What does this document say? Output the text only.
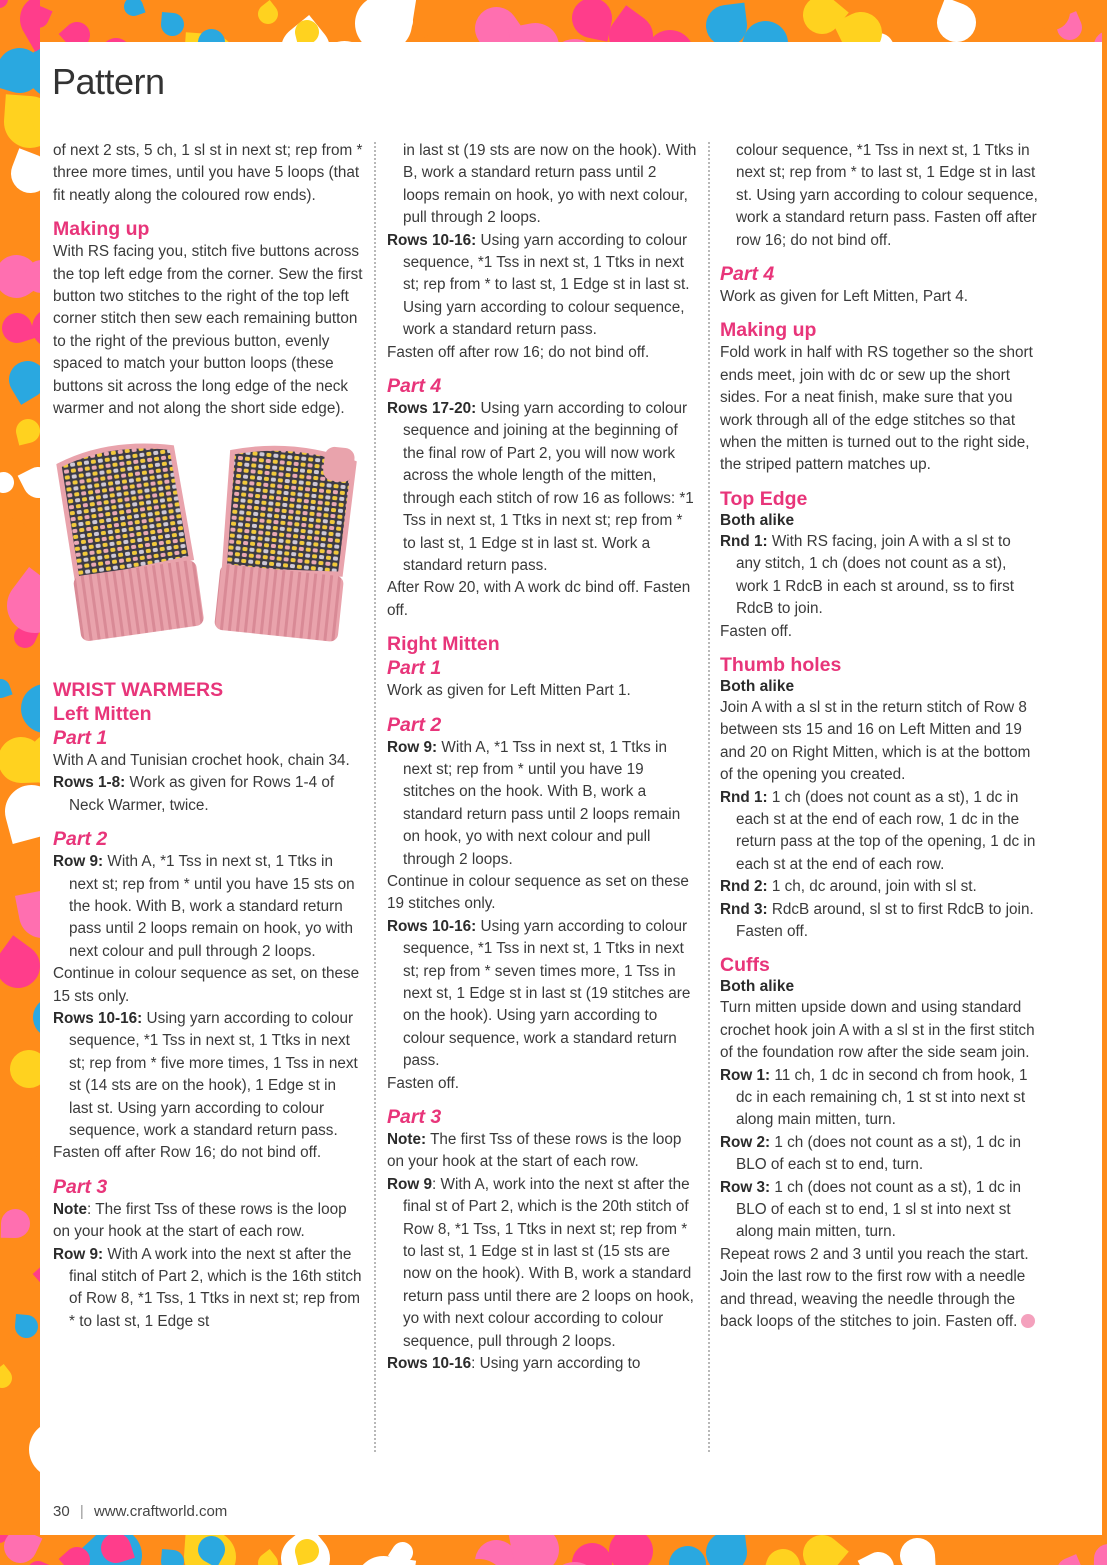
Pattern

of next 2 sts, 5 ch, 1 sl st in next st; rep from * three more times, until you have 5 loops (that fit neatly along the coloured row ends).

Making up

With RS facing you, stitch five buttons across the top left edge from the corner. Sew the first button two stitches to the right of the top left corner stitch then sew each remaining button to the right of the previous button, evenly spaced to match your button loops (these buttons sit across the long edge of the neck warmer and not along the short side edge).

WRIST WARMERS

Left Mitten

Part 1

With A and Tunisian crochet hook, chain 34.

Rows 1-8: Work as given for Rows 1-4 of Neck Warmer, twice.

Part 2

Row 9: With A, *1 Tss in next st, 1 Ttks in next st; rep from * until you have 15 sts on the hook. With B, work a standard return pass until 2 loops remain on hook, yo with next colour and pull through 2 loops.

Continue in colour sequence as set, on these 15 sts only.

Rows 10-16: Using yarn according to colour sequence, *1 Tss in next st, 1 Ttks in next st; rep from * five more times, 1 Tss in next st (14 sts are on the hook), 1 Edge st in last st. Using yarn according to colour sequence, work a standard return pass.

Fasten off after Row 16; do not bind off.

Part 3

Note: The first Tss of these rows is the loop on your hook at the start of each row.

Row 9: With A work into the next st after the final stitch of Part 2, which is the 16th stitch of Row 8, *1 Tss, 1 Ttks in next st; rep from * to last st, 1 Edge st

in last st (19 sts are now on the hook). With B, work a standard return pass until 2 loops remain on hook, yo with next colour, pull through 2 loops.

Rows 10-16: Using yarn according to colour sequence, *1 Tss in next st, 1 Ttks in next st; rep from * to last st, 1 Edge st in last st. Using yarn according to colour sequence, work a standard return pass.

Fasten off after row 16; do not bind off.

Part 4

Rows 17-20: Using yarn according to colour sequence and joining at the beginning of the final row of Part 2, you will now work across the whole length of the mitten, through each stitch of row 16 as follows: *1 Tss in next st, 1 Ttks in next st; rep from * to last st, 1 Edge st in last st. Work a standard return pass.

After Row 20, with A work dc bind off. Fasten off.

Right Mitten

Part 1

Work as given for Left Mitten Part 1.

Part 2

Row 9: With A, *1 Tss in next st, 1 Ttks in next st; rep from * until you have 19 stitches on the hook. With B, work a standard return pass until 2 loops remain on hook, yo with next colour and pull through 2 loops.

Continue in colour sequence as set on these 19 stitches only.

Rows 10-16: Using yarn according to colour sequence, *1 Tss in next st, 1 Ttks in next st; rep from * seven times more, 1 Tss in next st, 1 Edge st in last st (19 stitches are on the hook). Using yarn according to colour sequence, work a standard return pass.

Fasten off.

Part 3

Note: The first Tss of these rows is the loop on your hook at the start of each row.

Row 9: With A, work into the next st after the final st of Part 2, which is the 20th stitch of Row 8, *1 Tss, 1 Ttks in next st; rep from * to last st, 1 Edge st in last st (15 sts are now on the hook). With B, work a standard return pass until there are 2 loops on hook, yo with next colour according to colour sequence, pull through 2 loops.

Rows 10-16: Using yarn according to

colour sequence, *1 Tss in next st, 1 Ttks in next st; rep from * to last st, 1 Edge st in last st. Using yarn according to colour sequence, work a standard return pass. Fasten off after row 16; do not bind off.

Part 4

Work as given for Left Mitten, Part 4.

Making up

Fold work in half with RS together so the short ends meet, join with dc or sew up the short sides. For a neat finish, make sure that you work through all of the edge stitches so that when the mitten is turned out to the right side, the striped pattern matches up.

Top Edge

Both alike

Rnd 1: With RS facing, join A with a sl st to any stitch, 1 ch (does not count as a st), work 1 RdcB in each st around, ss to first RdcB to join.

Fasten off.

Thumb holes

Both alike

Join A with a sl st in the return stitch of Row 8 between sts 15 and 16 on Left Mitten and 19 and 20 on Right Mitten, which is at the bottom of the opening you created.

Rnd 1: 1 ch (does not count as a st), 1 dc in each st at the end of each row, 1 dc in the return pass at the top of the opening, 1 dc in each st at the end of each row.

Rnd 2: 1 ch, dc around, join with sl st.

Rnd 3: RdcB around, sl st to first RdcB to join. Fasten off.

Cuffs

Both alike

Turn mitten upside down and using standard crochet hook join A with a sl st in the first stitch of the foundation row after the side seam join.

Row 1: 11 ch, 1 dc in second ch from hook, 1 dc in each remaining ch, 1 st st into next st along main mitten, turn.

Row 2: 1 ch (does not count as a st), 1 dc in BLO of each st to end, turn.

Row 3: 1 ch (does not count as a st), 1 dc in BLO of each st to end, 1 sl st into next st along main mitten, turn.

Repeat rows 2 and 3 until you reach the start. Join the last row to the first row with a needle and thread, weaving the needle through the back loops of the stitches to join. Fasten off.

30 | www.craftworld.com
